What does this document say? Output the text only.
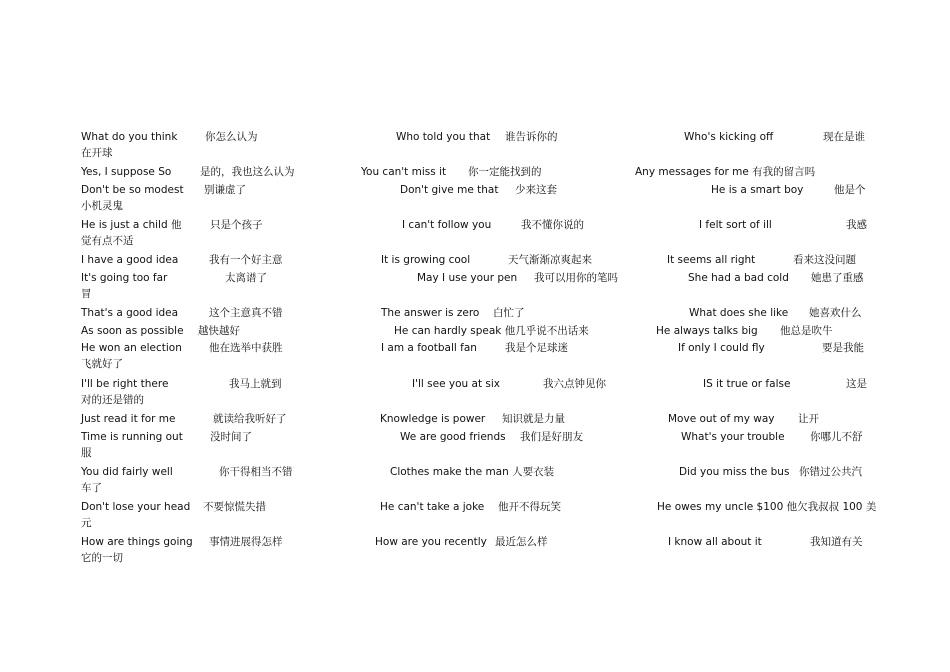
What do you think	你怎么认为	Who told you that 谁告诉你的	Who's kicking off	现在是谁
在开球
Yes, I suppose So	是的，我也这么认为	You can't miss it 你一定能找到的	Any messages for me 有我的留言吗
Don't be so modest 别谦虚了	Don't give me that 少来这套	He is a smart boy	他是个
小机灵鬼
He is just a child 他	只是个孩子	I can't follow you	我不懂你说的	I felt sort of ill	我感
觉有点不适
I have a good idea	我有一个好主意	It is growing cool	天气渐渐凉爽起来	It seems all right	看来这没问题
It's going too far	太离谱了	May I use your pen 我可以用你的笔吗	She had a bad cold 她患了重感
冒
That's a good idea	这个主意真不错	The answer is zero 白忙了	What does she like 她喜欢什么
As soon as possible 越快越好	He can hardly speak 他几乎说不出话来	He always talks big 他总是吹牛
He won an election	他在选举中获胜	I am a football fan	我是个足球迷	If only I could fly	要是我能
飞就好了
I'll be right there	我马上就到	I'll see you at six	我六点钟见你	IS it true or false	这是
对的还是错的
Just read it for me	就读给我听好了	Knowledge is power 知识就是力量	Move out of my way 让开
Time is running out	没时间了	We are good friends 我们是好朋友	What's your trouble 你哪儿不舒
服
You did fairly well	你干得相当不错	Clothes make the man 人要衣装	Did you miss the bus 你错过公共汽
车了
Don't lose your head 不要惊慌失措	He can't take a joke 他开不得玩笑	He owes my uncle $100 他欠我叔叔 100 美
元
How are things going 事情进展得怎样	How are you recently 最近怎么样	I know all about it	我知道有关
它的一切
